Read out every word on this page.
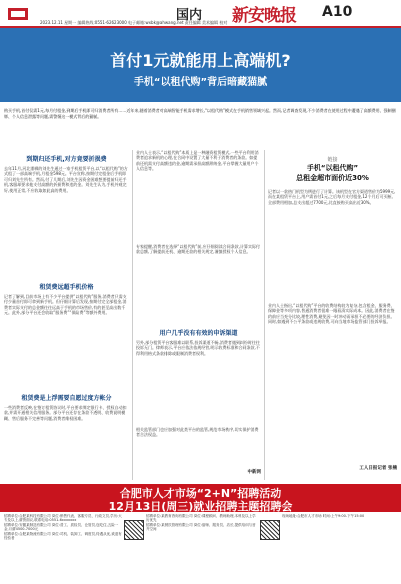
国内 新安晚报 A10
2023.12.11 星期一 编辑热线:0551-62623000 电子邮箱:wxbk@ahwang.net 责任编辑 美术编辑 校对
首付1元就能用上高端机?
手机“以租代购”背后暗藏猫腻
购买手机,首付仅需1元,每月付租金,到期后手机即可归消费者所有……近年来,随着消费者对高端智能手机需求增长,“以租代购”模式在手机销售领域兴起。然而,记者调查发现,不少消费者在使用过程中遭遇了高额费用、强制捆绑、个人信息泄露等问题,需警惕这一模式背后的猫腻。
到期归还手机,对方竟要折损费
去年11月,河北邯郸的刘先生通过一家手机租赁平台,以“以租代购”的方式租了一部高端手机,月租金598元。平台宣称,按期付完租金后手机即可归刘先生所有。然而,付了几期后,刘先生因资金困难想要提前归还手机,客服却要求他支付高额的折损费和违约金。刘先生认为,手机外观完好,使用正常,不应收取如此高的费用。
租赁费远超手机价格
记者了解到,目前市场上有不少平台提供“以租代购”服务,消费者只需支付少量首付即可拿到新手机。但仔细计算后发现,按期付完全部租金,消费者实际支付的总金额往往远高于手机的市场售价,有的甚至高出数千元。此外,部分平台还会收取“服务费”“保险费”等额外费用。
租赁费是上浮需要自愿过度方帐分
一些消费者反映,在签订租赁协议时,平台要求绑定银行卡、授权自动扣款,并需开通相关信用服务。部分平台还存在条款不透明、收费说明模糊、售后服务不完善等问题,消费者维权困难。
业内人士表示,“以租代购”本质上是一种融资租赁模式,一些平台利用消费者追求新机的心理,在合同中设置了大量不利于消费者的条款。如提前还机需支付高额违约金,逾期需承担高额滞纳金,平台掌握大量用户个人信息等。
专家提醒,消费者在选择“以租代购”前,应仔细阅读合同条款,计算实际付款总额,了解提前还机、逾期还款的相关规定,谨慎授权个人信息。
用户几乎没有有效的申诉渠道
另外,部分租赁平台客服难以联系,投诉渠道不畅,消费者遇到纠纷时往往投诉无门。律师表示,平台应依法依规经营,明示收费标准和合同条款,不得利用格式条款排除或限制消费者权利。
相关监管部门也应加强对此类平台的监管,规范市场秩序,切实保护消费者合法权益。
中新网
链接
手机“以租代购”
总租金超市面价近30%
记者以一款热门机型为例进行了计算。该机型在官方渠道售价为5999元,而在某租赁平台上,用户需首付1元,之后每月支付租金,12个月后可买断。全部费用相加,总支出超过7700元,比直接购买高出近30%。
业内人士指出,“以租代购”平台的收费结构较为复杂,包含租金、服务费、保障金等多项内容,普通消费者很难一眼看清实际成本。因此,消费者在签约前应当充分比较,理性消费,避免因一时冲动而承担不必要的经济负担。同时,如遇到不公平条款或违规收费,可向当地市场监管部门投诉举报。
工人日报记者 张楠
合肥市人才市场“2+N”招聘活动
12月13日(周三)就业招聘主题招聘会
招聘单位:合肥某科技有限公司 岗位:销售代表、客服专员、行政文员,学历:大专及以上,薪资面议,联系电话:0551-6xxxxxxx
招聘单位:安徽某制造有限公司 岗位:普工、质检员、仓管员,包吃住,五险一金,月薪4500-7000元
招聘单位:合肥某物流有限公司 岗位:司机、装卸工、调度员,待遇从优,欢迎有经验者
招聘单位:某教育咨询有限公司 岗位:课程顾问、教师助理,本科及以上学历优先
招聘单位:某餐饮管理有限公司 岗位:厨师、服务员、店长,提供培训与晋升空间
现场地址:合肥市人才市场 时间:上午9:00-下午15:00
